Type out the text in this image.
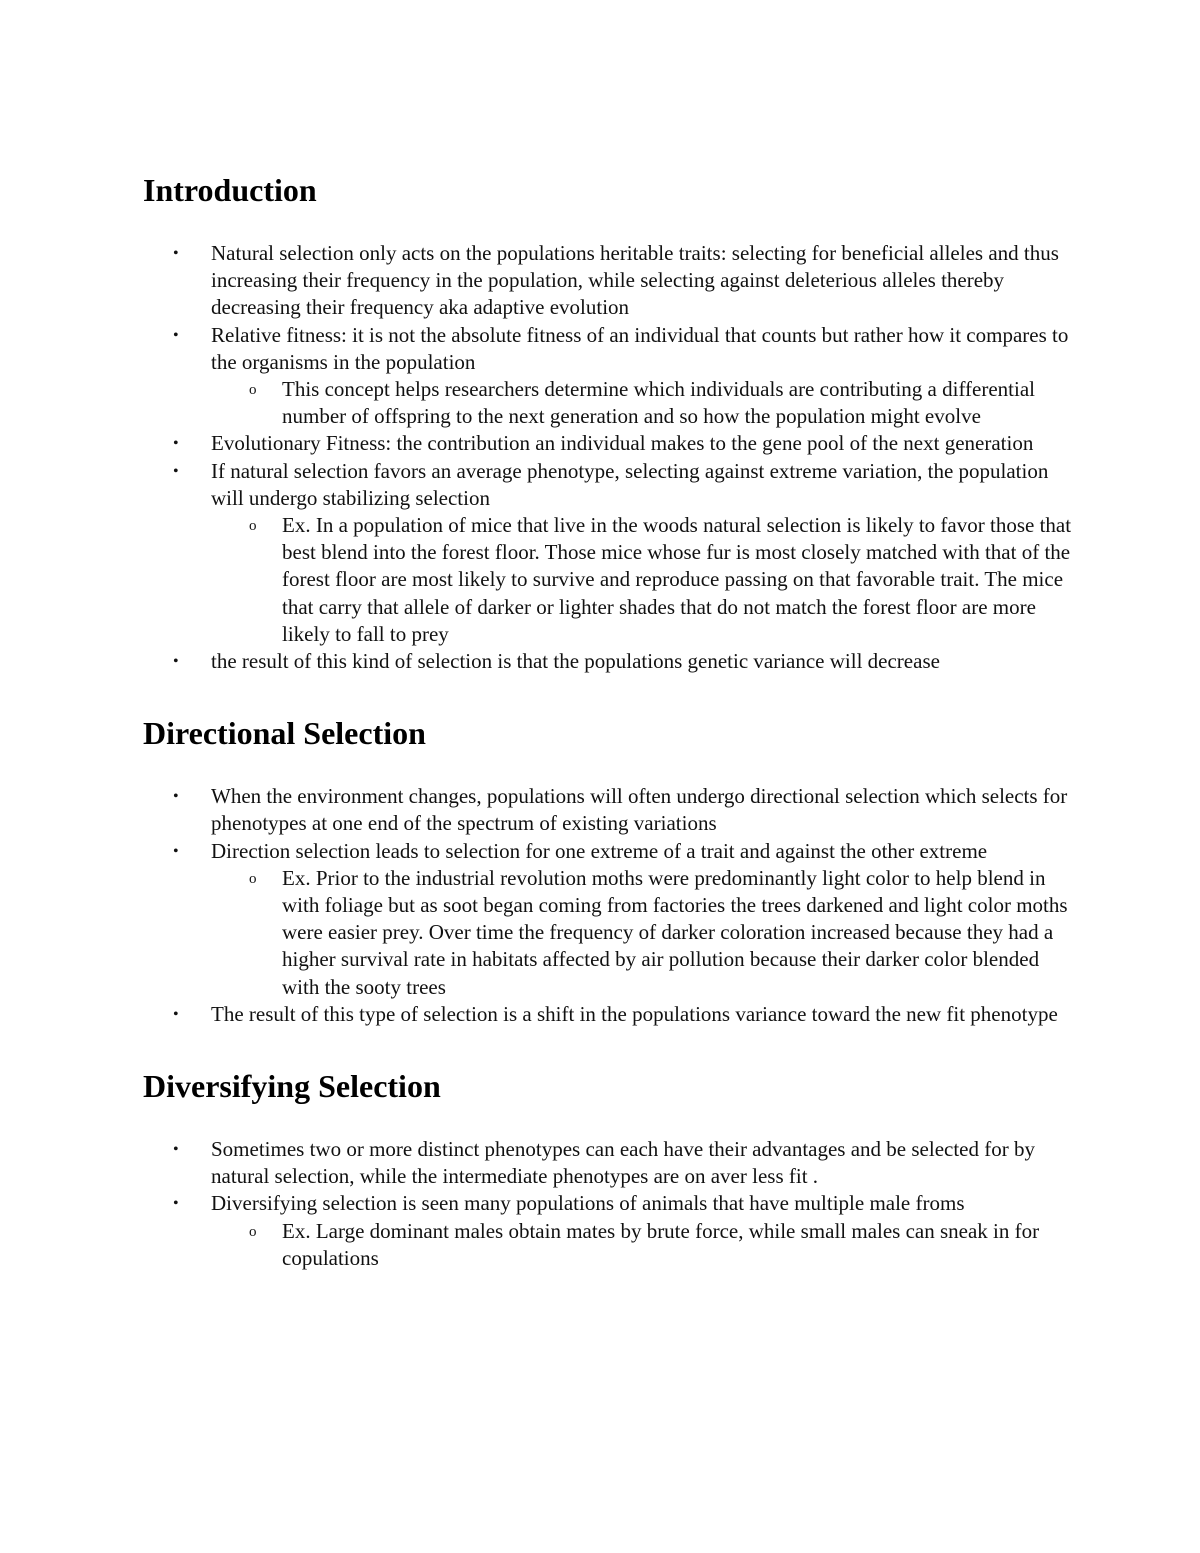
Introduction
• Natural selection only acts on the populations heritable traits: selecting for beneficial alleles and thus increasing their frequency in the population, while selecting against deleterious alleles thereby decreasing their frequency aka adaptive evolution
• Relative fitness: it is not the absolute fitness of an individual that counts but rather how it compares to the organisms in the population
o This concept helps researchers determine which individuals are contributing a differential number of offspring to the next generation and so how the population might evolve
• Evolutionary Fitness: the contribution an individual makes to the gene pool of the next generation
• If natural selection favors an average phenotype, selecting against extreme variation, the population will undergo stabilizing selection
o Ex. In a population of mice that live in the woods natural selection is likely to favor those that best blend into the forest floor. Those mice whose fur is most closely matched with that of the forest floor are most likely to survive and reproduce passing on that favorable trait. The mice that carry that allele of darker or lighter shades that do not match the forest floor are more likely to fall to prey
• the result of this kind of selection is that the populations genetic variance will decrease
Directional Selection
• When the environment changes, populations will often undergo directional selection which selects for phenotypes at one end of the spectrum of existing variations
• Direction selection leads to selection for one extreme of a trait and against the other extreme
o Ex. Prior to the industrial revolution moths were predominantly light color to help blend in with foliage but as soot began coming from factories the trees darkened and light color moths were easier prey. Over time the frequency of darker coloration increased because they had a higher survival rate in habitats affected by air pollution because their darker color blended with the sooty trees
• The result of this type of selection is a shift in the populations variance toward the new fit phenotype
Diversifying Selection
• Sometimes two or more distinct phenotypes can each have their advantages and be selected for by natural selection, while the intermediate phenotypes are on aver less fit .
• Diversifying selection is seen many populations of animals that have multiple male froms
o Ex. Large dominant males obtain mates by brute force, while small males can sneak in for copulations
